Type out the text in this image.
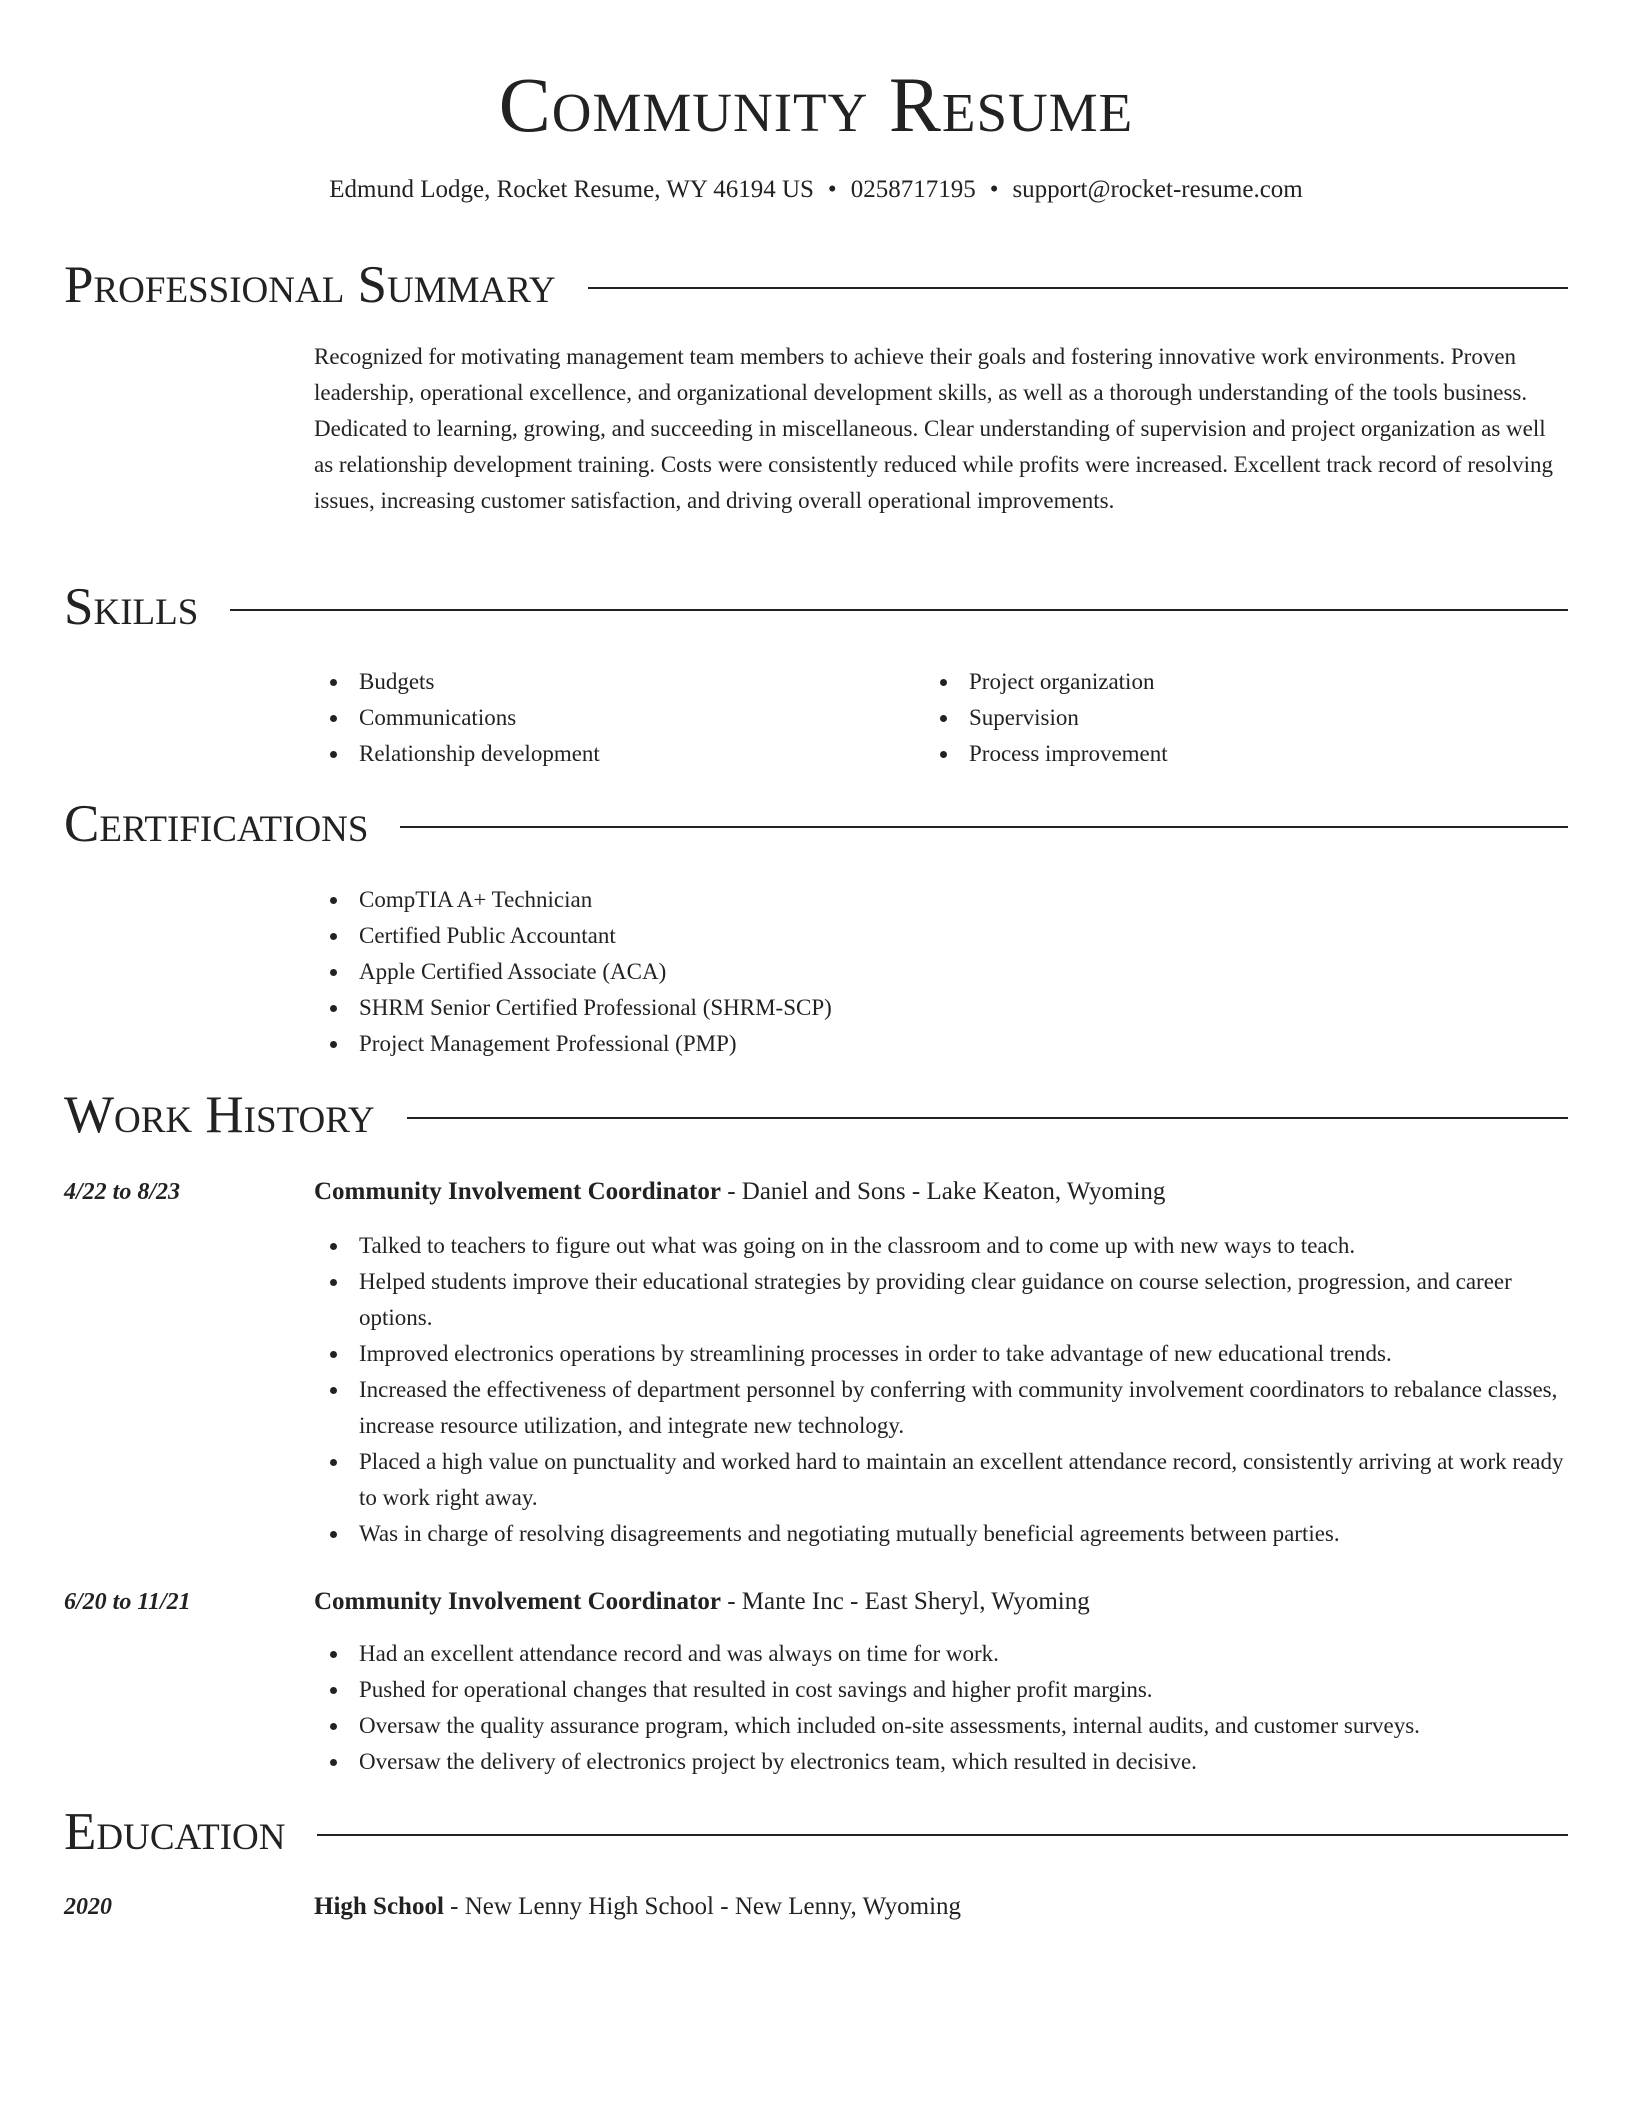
Community Resume
Edmund Lodge, Rocket Resume, WY 46194 US • 0258717195 • support@rocket-resume.com
Professional Summary

Recognized for motivating management team members to achieve their goals and fostering innovative work environments. Proven leadership, operational excellence, and organizational development skills, as well as a thorough understanding of the tools business. Dedicated to learning, growing, and succeeding in miscellaneous. Clear understanding of supervision and project organization as well as relationship development training. Costs were consistently reduced while profits were increased. Excellent track record of resolving issues, increasing customer satisfaction, and driving overall operational improvements.

Skills
Budgets
Communications
Relationship development
Project organization
Supervision
Process improvement
Certifications
CompTIA A+ Technician
Certified Public Accountant
Apple Certified Associate (ACA)
SHRM Senior Certified Professional (SHRM-SCP)
Project Management Professional (PMP)
Work History
4/22 to 8/23	Community Involvement Coordinator - Daniel and Sons - Lake Keaton, Wyoming
Talked to teachers to figure out what was going on in the classroom and to come up with new ways to teach.
Helped students improve their educational strategies by providing clear guidance on course selection, progression, and career options.
Improved electronics operations by streamlining processes in order to take advantage of new educational trends.
Increased the effectiveness of department personnel by conferring with community involvement coordinators to rebalance classes, increase resource utilization, and integrate new technology.
Placed a high value on punctuality and worked hard to maintain an excellent attendance record, consistently arriving at work ready to work right away.
Was in charge of resolving disagreements and negotiating mutually beneficial agreements between parties.
6/20 to 11/21	Community Involvement Coordinator - Mante Inc - East Sheryl, Wyoming
Had an excellent attendance record and was always on time for work.
Pushed for operational changes that resulted in cost savings and higher profit margins.
Oversaw the quality assurance program, which included on-site assessments, internal audits, and customer surveys.
Oversaw the delivery of electronics project by electronics team, which resulted in decisive.
Education
2020	High School - New Lenny High School - New Lenny, Wyoming
